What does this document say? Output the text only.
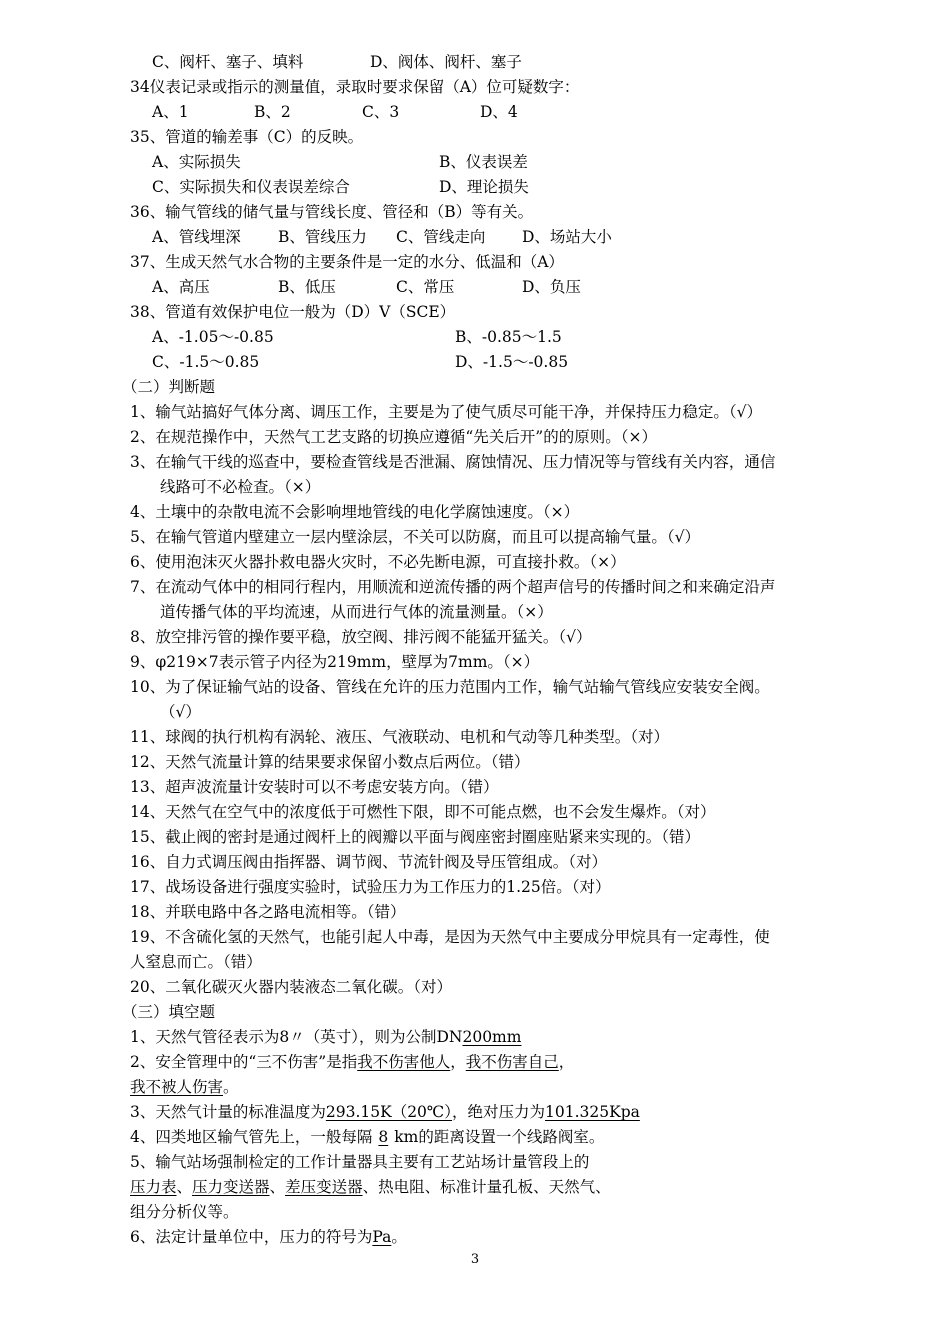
C、阀杆、塞子、填料	D、阀体、阀杆、塞子
34仪表记录或指示的测量值，录取时要求保留（A）位可疑数字：
A、1	B、2	C、3	D、4
35、管道的输差事（C）的反映。
A、实际损失	B、仪表误差
C、实际损失和仪表误差综合	D、理论损失
36、输气管线的储气量与管线长度、管径和（B）等有关。
A、管线埋深 B、管线压力 C、管线走向 D、场站大小
37、生成天然气水合物的主要条件是一定的水分、低温和（A）
A、高压	B、低压	C、常压	D、负压
38、管道有效保护电位一般为（D）V（SCE）
A、-1.05～-0.85	B、-0.85～1.5
C、-1.5～0.85	D、-1.5～-0.85
（二）判断题
1、输气站搞好气体分离、调压工作，主要是为了使气质尽可能干净，并保持压力稳定。（√）
2、在规范操作中，天然气工艺支路的切换应遵循“先关后开”的的原则。（×）
3、在输气干线的巡查中，要检查管线是否泄漏、腐蚀情况、压力情况等与管线有关内容，通信
线路可不必检查。（×）
4、土壤中的杂散电流不会影响埋地管线的电化学腐蚀速度。（×）
5、在输气管道内壁建立一层内壁涂层，不关可以防腐，而且可以提高输气量。（√）
6、使用泡沫灭火器扑救电器火灾时，不必先断电源，可直接扑救。（×）
7、在流动气体中的相同行程内，用顺流和逆流传播的两个超声信号的传播时间之和来确定沿声
道传播气体的平均流速，从而进行气体的流量测量。（×）
8、放空排污管的操作要平稳，放空阀、排污阀不能猛开猛关。（√）
9、φ219×7表示管子内径为219mm，壁厚为7mm。（×）
10、为了保证输气站的设备、管线在允许的压力范围内工作，输气站输气管线应安装安全阀。
（√）
11、球阀的执行机构有涡轮、液压、气液联动、电机和气动等几种类型。（对）
12、天然气流量计算的结果要求保留小数点后两位。（错）
13、超声波流量计安装时可以不考虑安装方向。（错）
14、天然气在空气中的浓度低于可燃性下限，即不可能点燃，也不会发生爆炸。（对）
15、截止阀的密封是通过阀杆上的阀瓣以平面与阀座密封圈座贴紧来实现的。（错）
16、自力式调压阀由指挥器、调节阀、节流针阀及导压管组成。（对）
17、战场设备进行强度实验时，试验压力为工作压力的1.25倍。（对）
18、并联电路中各之路电流相等。（错）
19、不含硫化氢的天然气，也能引起人中毒，是因为天然气中主要成分甲烷具有一定毒性，使
人窒息而亡。（错）
20、二氧化碳灭火器内装液态二氧化碳。（对）
（三）填空题
1、天然气管径表示为8〃（英寸），则为公制DN200mm
2、安全管理中的“三不伤害”是指我不伤害他人，我不伤害自己，
我不被人伤害。
3、天然气计量的标准温度为293.15K（20℃），绝对压力为101.325Kpa
4、四类地区输气管先上，一般每隔 8 km的距离设置一个线路阀室。
5、输气站场强制检定的工作计量器具主要有工艺站场计量管段上的
压力表、压力变送器、差压变送器、热电阻、标准计量孔板、天然气、
组分分析仪等。
6、法定计量单位中，压力的符号为Pa。
3
